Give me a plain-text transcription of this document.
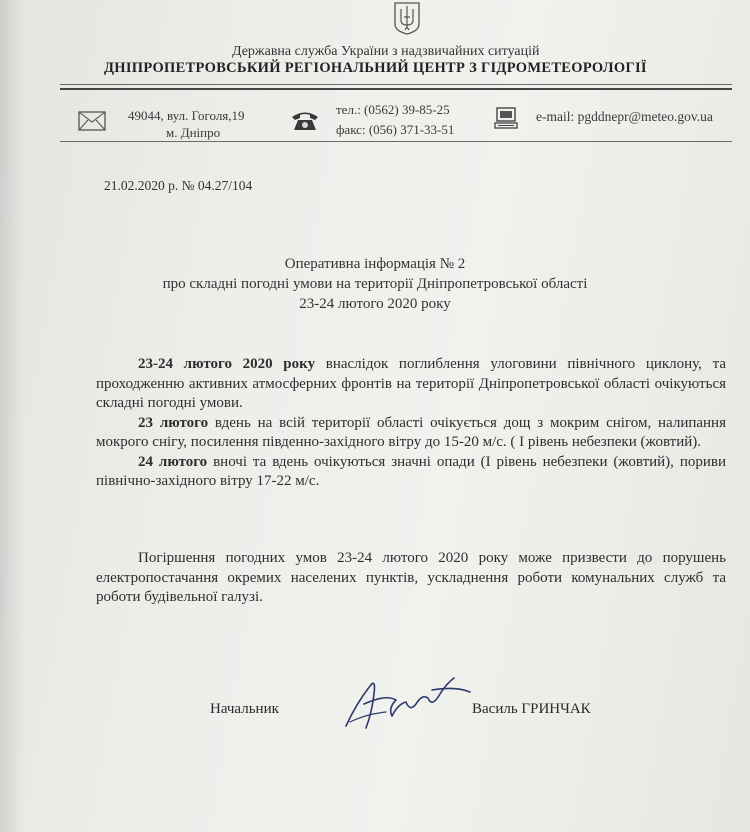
Державна служба України з надзвичайних ситуацій
ДНІПРОПЕТРОВСЬКИЙ РЕГІОНАЛЬНИЙ ЦЕНТР З ГІДРОМЕТЕОРОЛОГІЇ
49044, вул. Гоголя,19
м. Дніпро
тел.: (0562) 39-85-25
факс: (056) 371-33-51
e-mail: pgddnepr@meteo.gov.ua
21.02.2020 р. № 04.27/104
Оперативна інформація № 2
про складні погодні умови на території Дніпропетровської області
23-24 лютого 2020 року

23-24 лютого 2020 року внаслідок поглиблення улоговини північного циклону, та проходженню активних атмосферних фронтів на території Дніпропетровської області очікуються складні погодні умови.

23 лютого вдень на всій території області очікується дощ з мокрим снігом, налипання мокрого снігу, посилення південно-західного вітру до 15-20 м/с. ( І рівень небезпеки (жовтий).

24 лютого вночі та вдень очікуються значні опади (І рівень небезпеки (жовтий), пориви північно-західного вітру 17-22 м/с.

Погіршення погодних умов 23-24 лютого 2020 року може призвести до порушень електропостачання окремих населених пунктів, ускладнення роботи комунальних служб та роботи будівельної галузі.

Начальник	Василь ГРИНЧАК
